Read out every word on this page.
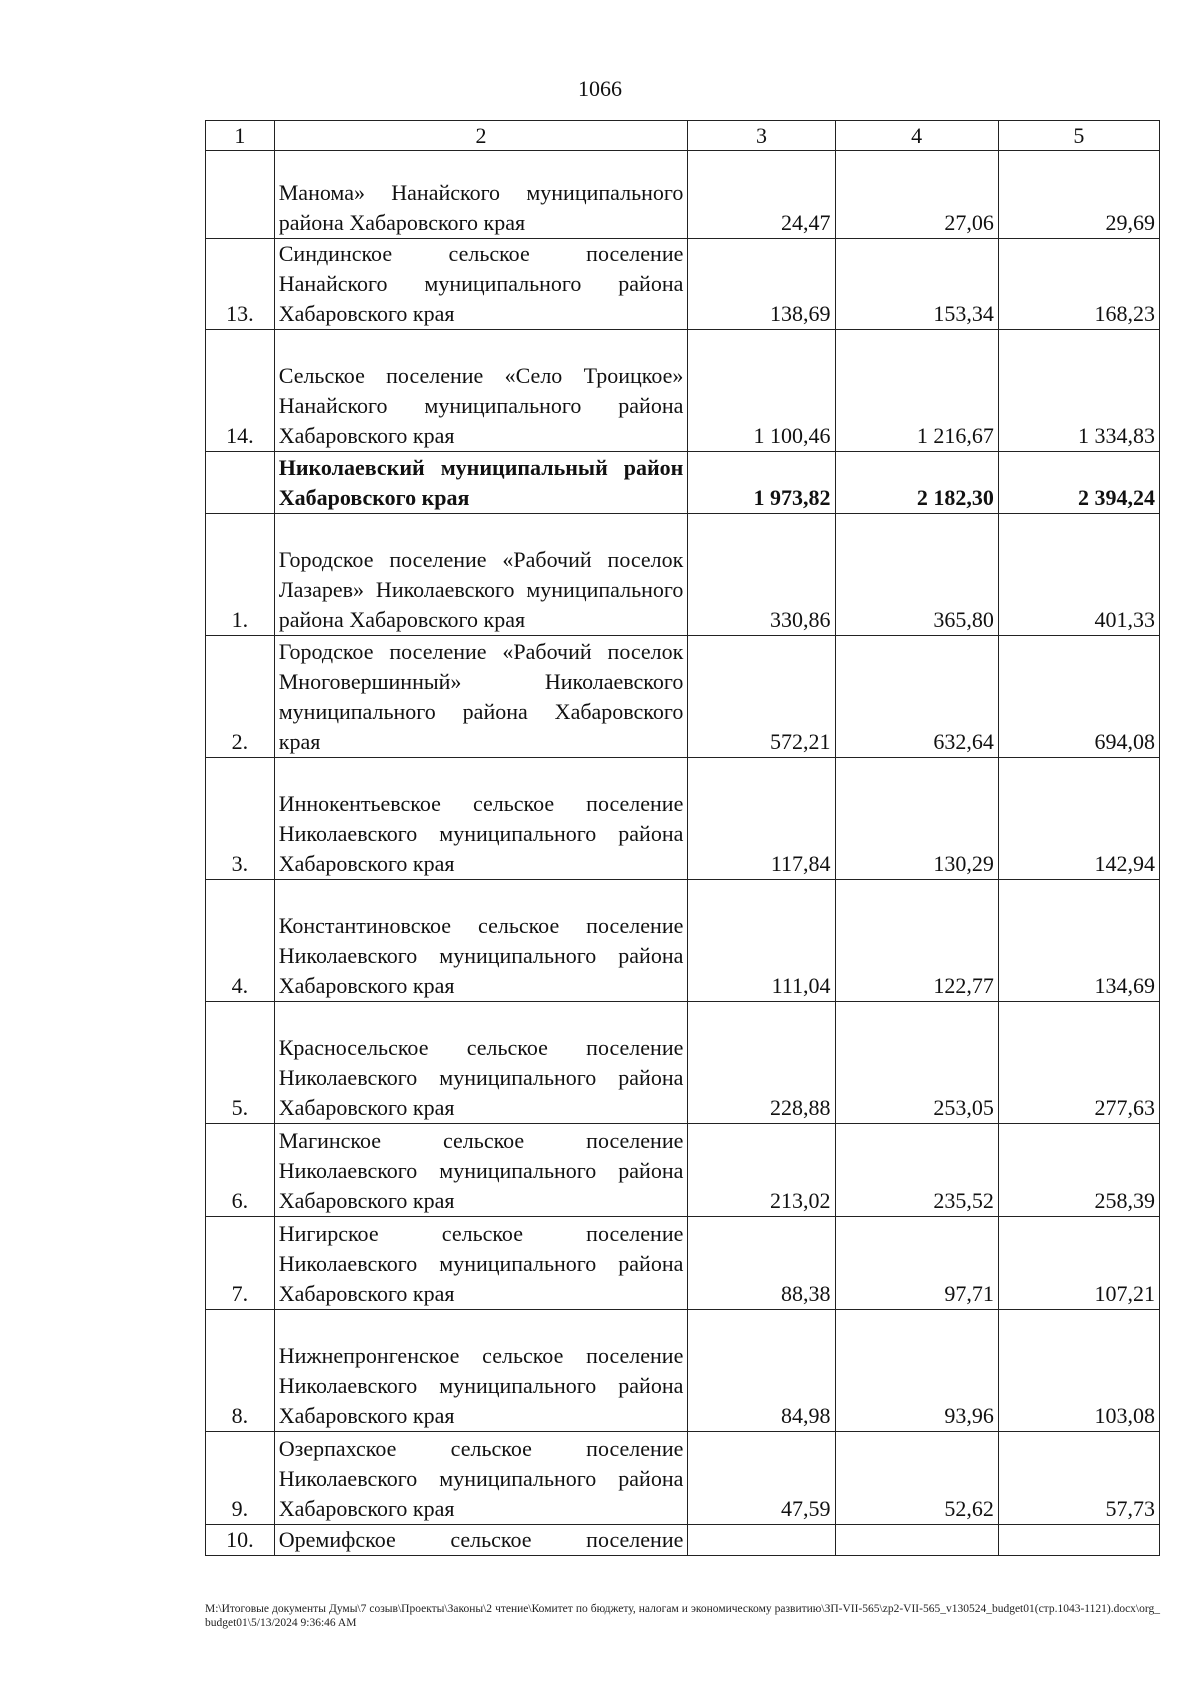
1066
1	2	3	4	5
	Манома» Нанайского муниципального района Хабаровского края	24,47	27,06	29,69
13.	Синдинское сельское поселение Нанайского муниципального района Хабаровского края	138,69	153,34	168,23
14.	Сельское поселение «Село Троицкое» Нанайского муниципального района Хабаровского края	1 100,46	1 216,67	1 334,83
	Николаевский муниципальный район Хабаровского края	1 973,82	2 182,30	2 394,24
1.	Городское поселение «Рабочий поселок Лазарев» Николаевского муниципального района Хабаровского края	330,86	365,80	401,33
2.	Городское поселение «Рабочий поселок Многовершинный» Николаевского муниципального района Хабаровского края	572,21	632,64	694,08
3.	Иннокентьевское сельское поселение Николаевского муниципального района Хабаровского края	117,84	130,29	142,94
4.	Константиновское сельское поселение Николаевского муниципального района Хабаровского края	111,04	122,77	134,69
5.	Красносельское сельское поселение Николаевского муниципального района Хабаровского края	228,88	253,05	277,63
6.	Магинское сельское поселение Николаевского муниципального района Хабаровского края	213,02	235,52	258,39
7.	Нигирское сельское поселение Николаевского муниципального района Хабаровского края	88,38	97,71	107,21
8.	Нижнепронгенское сельское поселение Николаевского муниципального района Хабаровского края	84,98	93,96	103,08
9.	Озерпахское сельское поселение Николаевского муниципального района Хабаровского края	47,59	52,62	57,73
10.	Оремифское сельское поселение			
M:\Итоговые документы Думы\7 созыв\Проекты\Законы\2 чтение\Комитет по бюджету, налогам и экономическому развитию\ЗП-VII-565\zp2-VII-565_v130524_budget01(стр.1043-1121).docx\org_budget01\5/13/2024 9:36:46 AM
